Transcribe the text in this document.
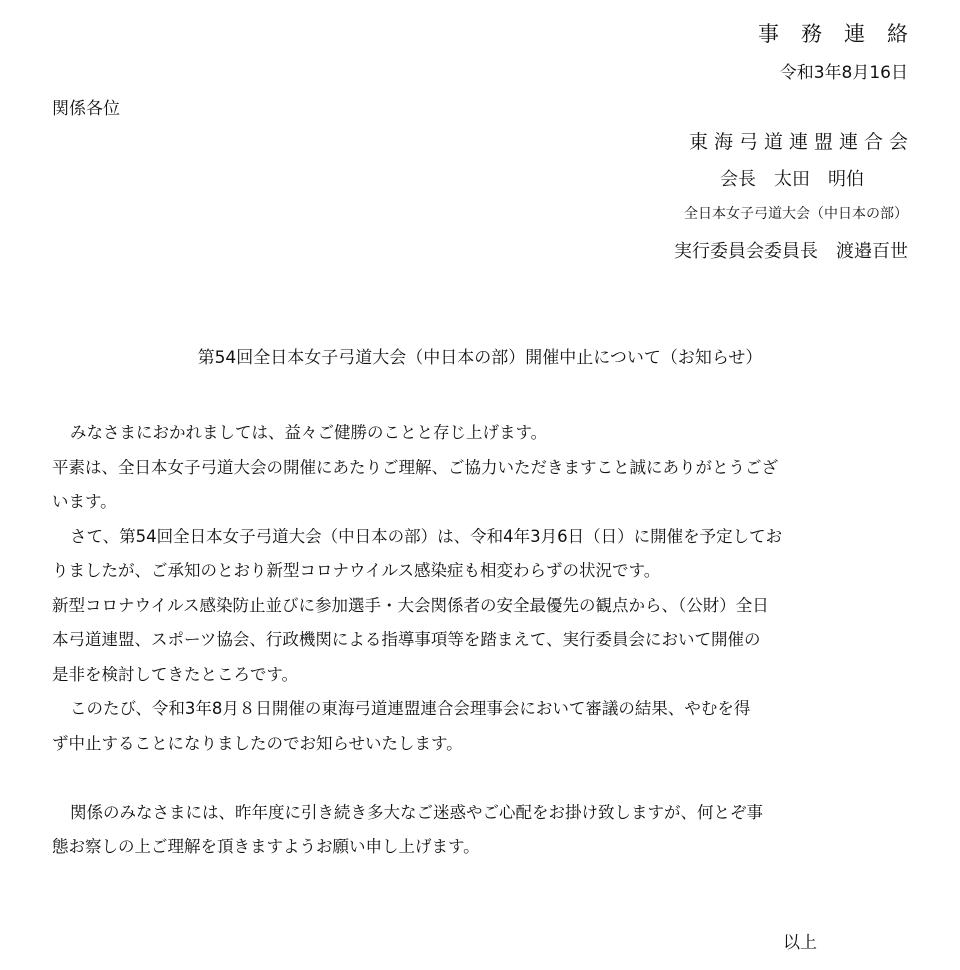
事務連絡
令和3年8月16日
関係各位
東海弓道連盟連合会
会長　太田　明伯
全日本女子弓道大会（中日本の部）
実行委員会委員長　渡邉百世
第54回全日本女子弓道大会（中日本の部）開催中止について（お知らせ）
みなさまにおかれましては、益々ご健勝のことと存じ上げます。
平素は、全日本女子弓道大会の開催にあたりご理解、ご協力いただきますこと誠にありがとうござ
います。
さて、第54回全日本女子弓道大会（中日本の部）は、令和4年3月6日（日）に開催を予定してお
りましたが、ご承知のとおり新型コロナウイルス感染症も相変わらずの状況です。
新型コロナウイルス感染防止並びに参加選手・大会関係者の安全最優先の観点から、（公財）全日
本弓道連盟、スポーツ協会、行政機関による指導事項等を踏まえて、実行委員会において開催の
是非を検討してきたところです。
このたび、令和3年8月８日開催の東海弓道連盟連合会理事会において審議の結果、やむを得
ず中止することになりましたのでお知らせいたします。
関係のみなさまには、昨年度に引き続き多大なご迷惑やご心配をお掛け致しますが、何とぞ事
態お察しの上ご理解を頂きますようお願い申し上げます。
以上
